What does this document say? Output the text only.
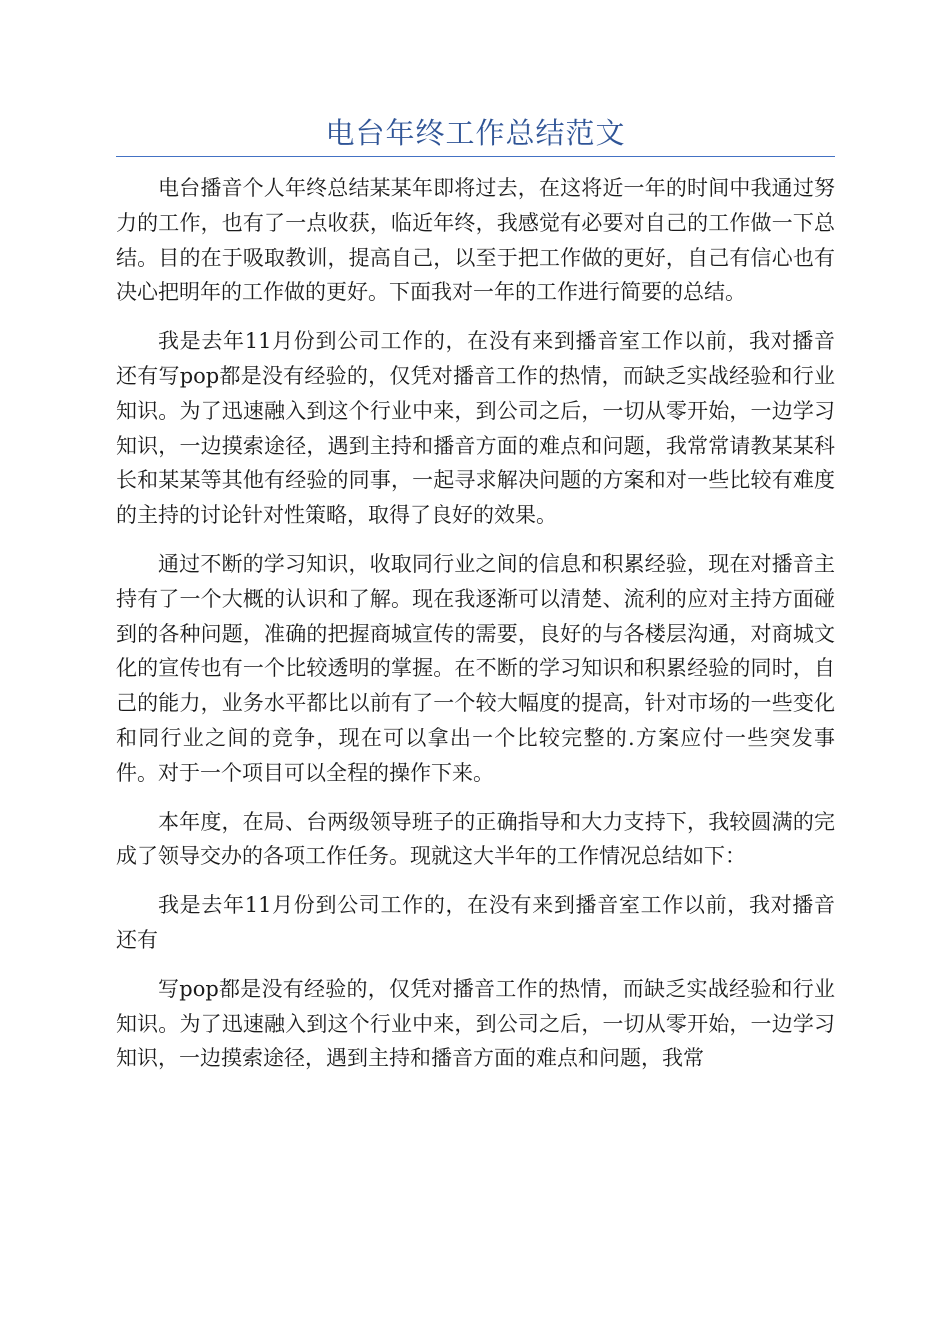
电台年终工作总结范文

电台播音个人年终总结某某年即将过去，在这将近一年的时间中我通过努力的工作，也有了一点收获，临近年终，我感觉有必要对自己的工作做一下总结。目的在于吸取教训，提高自己，以至于把工作做的更好，自己有信心也有决心把明年的工作做的更好。下面我对一年的工作进行简要的总结。

我是去年11月份到公司工作的，在没有来到播音室工作以前，我对播音还有写pop都是没有经验的，仅凭对播音工作的热情，而缺乏实战经验和行业知识。为了迅速融入到这个行业中来，到公司之后，一切从零开始，一边学习知识，一边摸索途径，遇到主持和播音方面的难点和问题，我常常请教某某科长和某某等其他有经验的同事，一起寻求解决问题的方案和对一些比较有难度的主持的讨论针对性策略，取得了良好的效果。

通过不断的学习知识，收取同行业之间的信息和积累经验，现在对播音主持有了一个大概的认识和了解。现在我逐渐可以清楚、流利的应对主持方面碰到的各种问题，准确的把握商城宣传的需要，良好的与各楼层沟通，对商城文化的宣传也有一个比较透明的掌握。在不断的学习知识和积累经验的同时，自己的能力，业务水平都比以前有了一个较大幅度的提高，针对市场的一些变化和同行业之间的竞争，现在可以拿出一个比较完整的.方案应付一些突发事件。对于一个项目可以全程的操作下来。

本年度，在局、台两级领导班子的正确指导和大力支持下，我较圆满的完成了领导交办的各项工作任务。现就这大半年的工作情况总结如下：

我是去年11月份到公司工作的，在没有来到播音室工作以前，我对播音还有

写pop都是没有经验的，仅凭对播音工作的热情，而缺乏实战经验和行业知识。为了迅速融入到这个行业中来，到公司之后，一切从零开始，一边学习知识，一边摸索途径，遇到主持和播音方面的难点和问题，我常
